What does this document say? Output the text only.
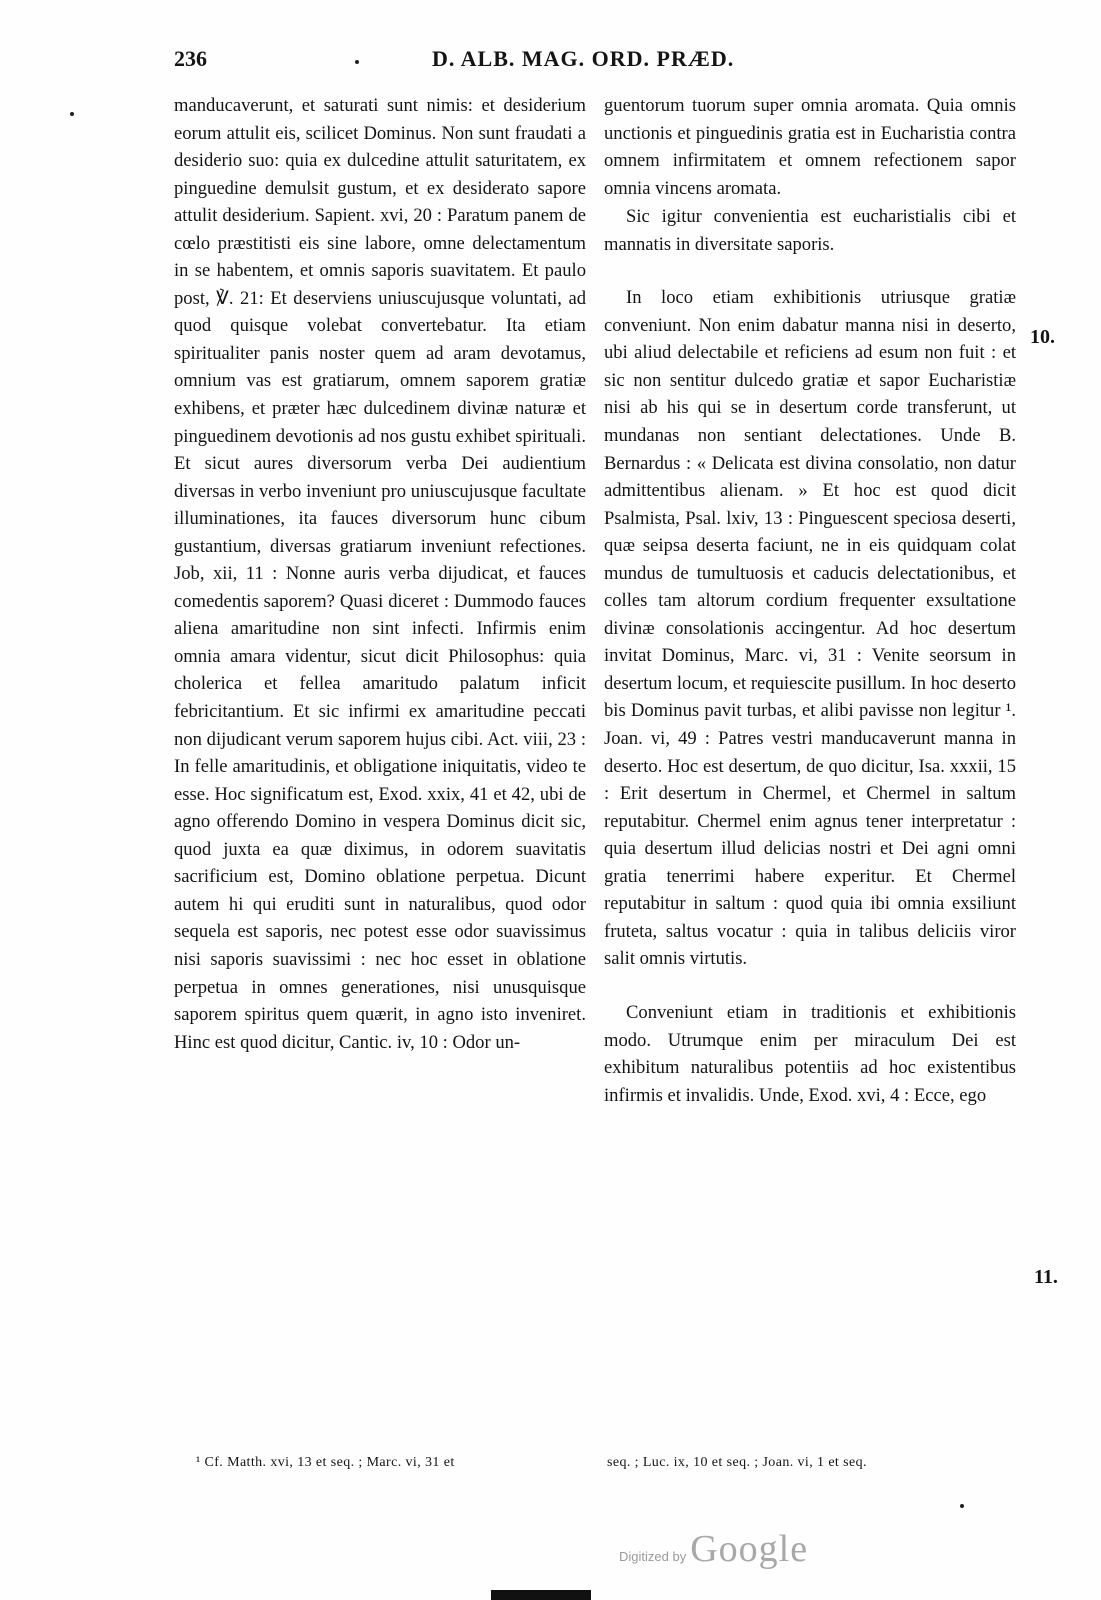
236	D. ALB. MAG. ORD. PRÆD.

manducaverunt, et saturati sunt nimis: et desiderium eorum attulit eis, scilicet Dominus. Non sunt fraudati a desiderio suo: quia ex dulcedine attulit saturitatem, ex pinguedine demulsit gustum, et ex desiderato sapore attulit desiderium. Sapient. xvi, 20 : Paratum panem de cœlo præstitisti eis sine labore, omne delectamentum in se habentem, et omnis saporis suavitatem. Et paulo post, ℣. 21: Et deserviens uniuscujusque voluntati, ad quod quisque volebat convertebatur. Ita etiam spiritualiter panis noster quem ad aram devotamus, omnium vas est gratiarum, omnem saporem gratiæ exhibens, et præter hæc dulcedinem divinæ naturæ et pinguedinem devotionis ad nos gustu exhibet spirituali. Et sicut aures diversorum verba Dei audientium diversas in verbo inveniunt pro uniuscujusque facultate illuminationes, ita fauces diversorum hunc cibum gustantium, diversas gratiarum inveniunt refectiones. Job, xii, 11 : Nonne auris verba dijudicat, et fauces comedentis saporem? Quasi diceret : Dummodo fauces aliena amaritudine non sint infecti. Infirmis enim omnia amara videntur, sicut dicit Philosophus: quia cholerica et fellea amaritudo palatum inficit febricitantium. Et sic infirmi ex amaritudine peccati non dijudicant verum saporem hujus cibi. Act. viii, 23 : In felle amaritudinis, et obligatione iniquitatis, video te esse. Hoc significatum est, Exod. xxix, 41 et 42, ubi de agno offerendo Domino in vespera Dominus dicit sic, quod juxta ea quæ diximus, in odorem suavitatis sacrificium est, Domino oblatione perpetua. Dicunt autem hi qui eruditi sunt in naturalibus, quod odor sequela est saporis, nec potest esse odor suavissimus nisi saporis suavissimi : nec hoc esset in oblatione perpetua in omnes generationes, nisi unusquisque saporem spiritus quem quærit, in agno isto inveniret. Hinc est quod dicitur, Cantic. iv, 10 : Odor un-

guentorum tuorum super omnia aromata. Quia omnis unctionis et pinguedinis gratia est in Eucharistia contra omnem infirmitatem et omnem refectionem sapor omnia vincens aromata.

Sic igitur convenientia est eucharistialis cibi et mannatis in diversitate saporis.

In loco etiam exhibitionis utriusque gratiæ conveniunt. Non enim dabatur manna nisi in deserto, ubi aliud delectabile et reficiens ad esum non fuit : et sic non sentitur dulcedo gratiæ et sapor Eucharistiæ nisi ab his qui se in desertum corde transferunt, ut mundanas non sentiant delectationes. Unde B. Bernardus : « Delicata est divina consolatio, non datur admittentibus alienam. » Et hoc est quod dicit Psalmista, Psal. lxiv, 13 : Pinguescent speciosa deserti, quæ seipsa deserta faciunt, ne in eis quidquam colat mundus de tumultuosis et caducis delectationibus, et colles tam altorum cordium frequenter exsultatione divinæ consolationis accingentur. Ad hoc desertum invitat Dominus, Marc. vi, 31 : Venite seorsum in desertum locum, et requiescite pusillum. In hoc deserto bis Dominus pavit turbas, et alibi pavisse non legitur ¹. Joan. vi, 49 : Patres vestri manducaverunt manna in deserto. Hoc est desertum, de quo dicitur, Isa. xxxii, 15 : Erit desertum in Chermel, et Chermel in saltum reputabitur. Chermel enim agnus tener interpretatur : quia desertum illud delicias nostri et Dei agni omni gratia tenerrimi habere experitur. Et Chermel reputabitur in saltum : quod quia ibi omnia exsiliunt fruteta, saltus vocatur : quia in talibus deliciis viror salit omnis virtutis.

Conveniunt etiam in traditionis et exhibitionis modo. Utrumque enim per miraculum Dei est exhibitum naturalibus potentiis ad hoc existentibus infirmis et invalidis. Unde, Exod. xvi, 4 : Ecce, ego

10.
11.
¹ Cf. Matth. xvi, 13 et seq. ; Marc. vi, 31 et	seq. ; Luc. ix, 10 et seq. ; Joan. vi, 1 et seq.
Digitized by Google
